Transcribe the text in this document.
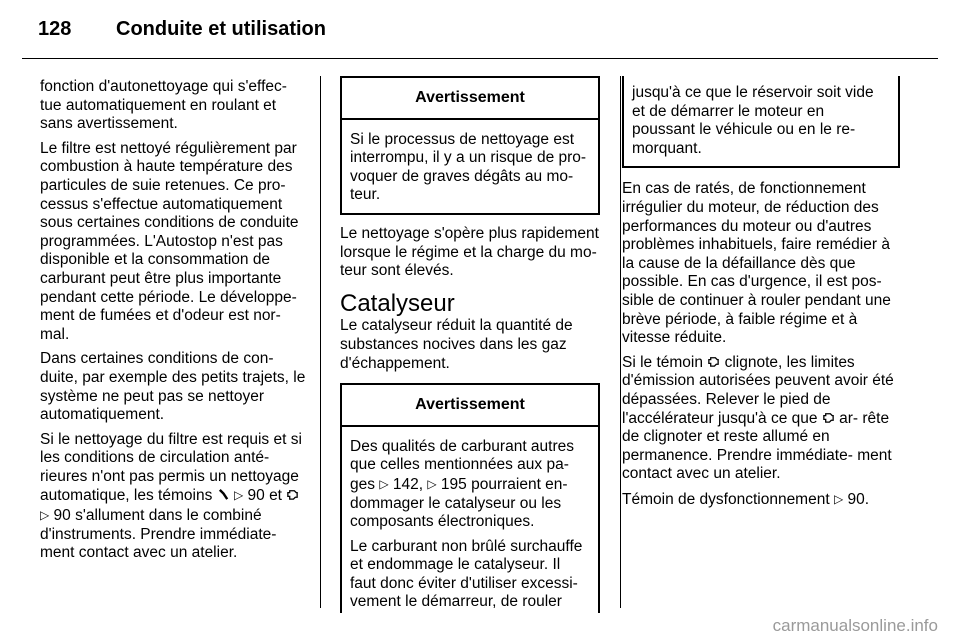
128 Conduite et utilisation

fonction d'autonettoyage qui s'effec- tue automatiquement en roulant et sans avertissement.

Le filtre est nettoyé régulièrement par combustion à haute température des particules de suie retenues. Ce pro- cessus s'effectue automatiquement sous certaines conditions de conduite programmées. L'Autostop n'est pas disponible et la consommation de carburant peut être plus importante pendant cette période. Le développe- ment de fumées et d'odeur est nor- mal.

Dans certaines conditions de con- duite, par exemple des petits trajets, le système ne peut pas se nettoyer automatiquement.

Si le nettoyage du filtre est requis et si les conditions de circulation anté- rieures n'ont pas permis un nettoyage automatique, les témoins ▷ 90 et  ▷ 90 s'allument dans le combiné d'instruments. Prendre immédiate- ment contact avec un atelier.

Avertissement

Si le processus de nettoyage est interrompu, il y a un risque de pro- voquer de graves dégâts au mo- teur.

Le nettoyage s'opère plus rapidement lorsque le régime et la charge du mo- teur sont élevés.

Catalyseur

Le catalyseur réduit la quantité de substances nocives dans les gaz d'échappement.

Avertissement

Des qualités de carburant autres que celles mentionnées aux pa- ges ▷ 142, ▷ 195 pourraient en- dommager le catalyseur ou les composants électroniques.

Le carburant non brûlé surchauffe et endommage le catalyseur. Il faut donc éviter d'utiliser excessi- vement le démarreur, de rouler

jusqu'à ce que le réservoir soit vide et de démarrer le moteur en poussant le véhicule ou en le re- morquant.

En cas de ratés, de fonctionnement irrégulier du moteur, de réduction des performances du moteur ou d'autres problèmes inhabituels, faire remédier à la cause de la défaillance dès que possible. En cas d'urgence, il est pos- sible de continuer à rouler pendant une brève période, à faible régime et à vitesse réduite.

Si le témoin clignote, les limites d'émission autorisées peuvent avoir été dépassées. Relever le pied de l'accélérateur jusqu'à ce que ar- rête de clignoter et reste allumé en permanence. Prendre immédiate- ment contact avec un atelier.

Témoin de dysfonctionnement ▷ 90.

carmanualsonline.info
